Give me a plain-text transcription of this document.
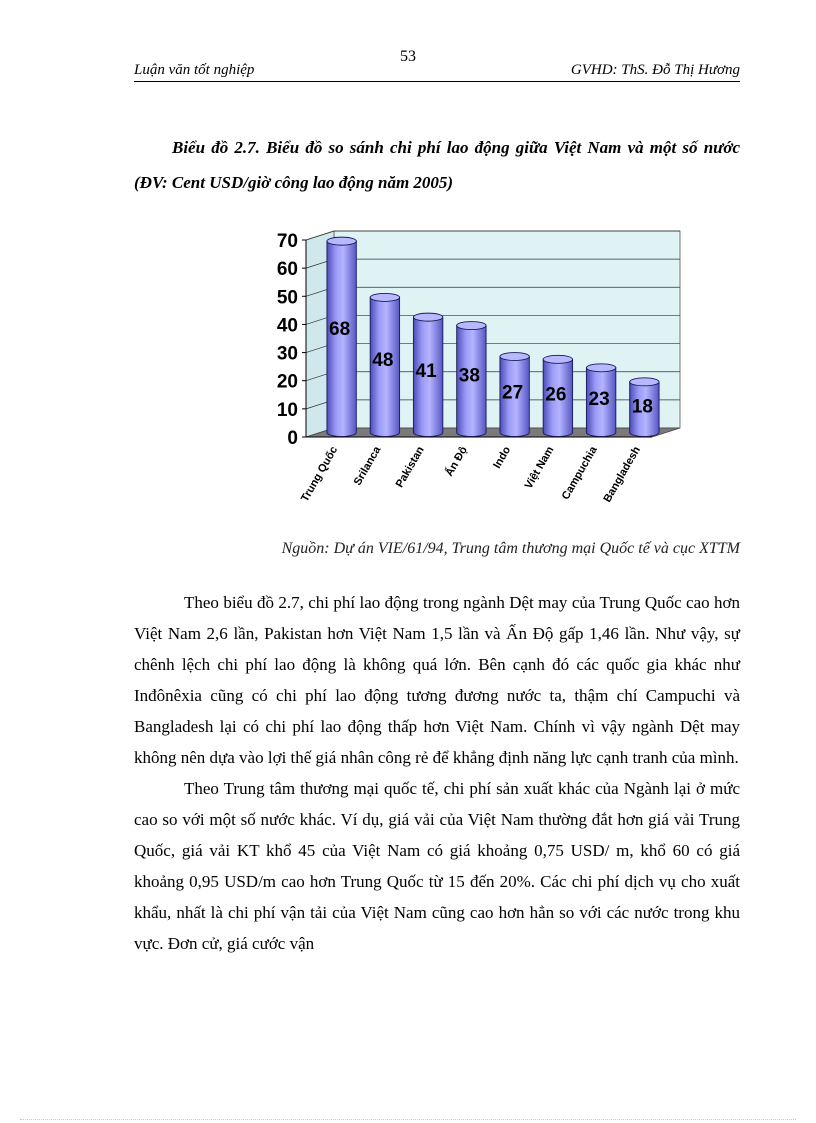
53
Luận văn tốt nghiệp	GVHD: ThS. Đỗ Thị Hương

Biểu đồ 2.7. Biểu đồ so sánh chi phí lao động giữa Việt Nam và một số nước (ĐV: Cent USD/giờ công lao động năm 2005)

0
10
20
30
40
50
60
70
68
Trung Quốc
48
Srilanca
41
Pakistan
38
Ấn Độ
27
Indo
26
Việt Nam
23
Campuchia
18
Bangladesh

Nguồn: Dự án VIE/61/94, Trung tâm thương mại Quốc tế và cục XTTM

Theo biểu đồ 2.7, chi phí lao động trong ngành Dệt may của Trung Quốc cao hơn Việt Nam 2,6 lần, Pakistan hơn Việt Nam 1,5 lần và Ấn Độ gấp 1,46 lần. Như vậy, sự chênh lệch chi phí lao động là không quá lớn. Bên cạnh đó các quốc gia khác như Inđônêxia cũng có chi phí lao động tương đương nước ta, thậm chí Campuchi và Bangladesh lại có chi phí lao động thấp hơn Việt Nam. Chính vì vậy ngành Dệt may không nên dựa vào lợi thế giá nhân công rẻ để khẳng định năng lực cạnh tranh của mình.

Theo Trung tâm thương mại quốc tế, chi phí sản xuất khác của Ngành lại ở mức cao so với một số nước khác. Ví dụ, giá vải của Việt Nam thường đắt hơn giá vải Trung Quốc, giá vải KT khổ 45 của Việt Nam có giá khoảng 0,75 USD/ m, khổ 60 có giá khoảng 0,95 USD/m cao hơn Trung Quốc từ 15 đến 20%. Các chi phí dịch vụ cho xuất khẩu, nhất là chi phí vận tải của Việt Nam cũng cao hơn hẳn so với các nước trong khu vực. Đơn cử, giá cước vận
